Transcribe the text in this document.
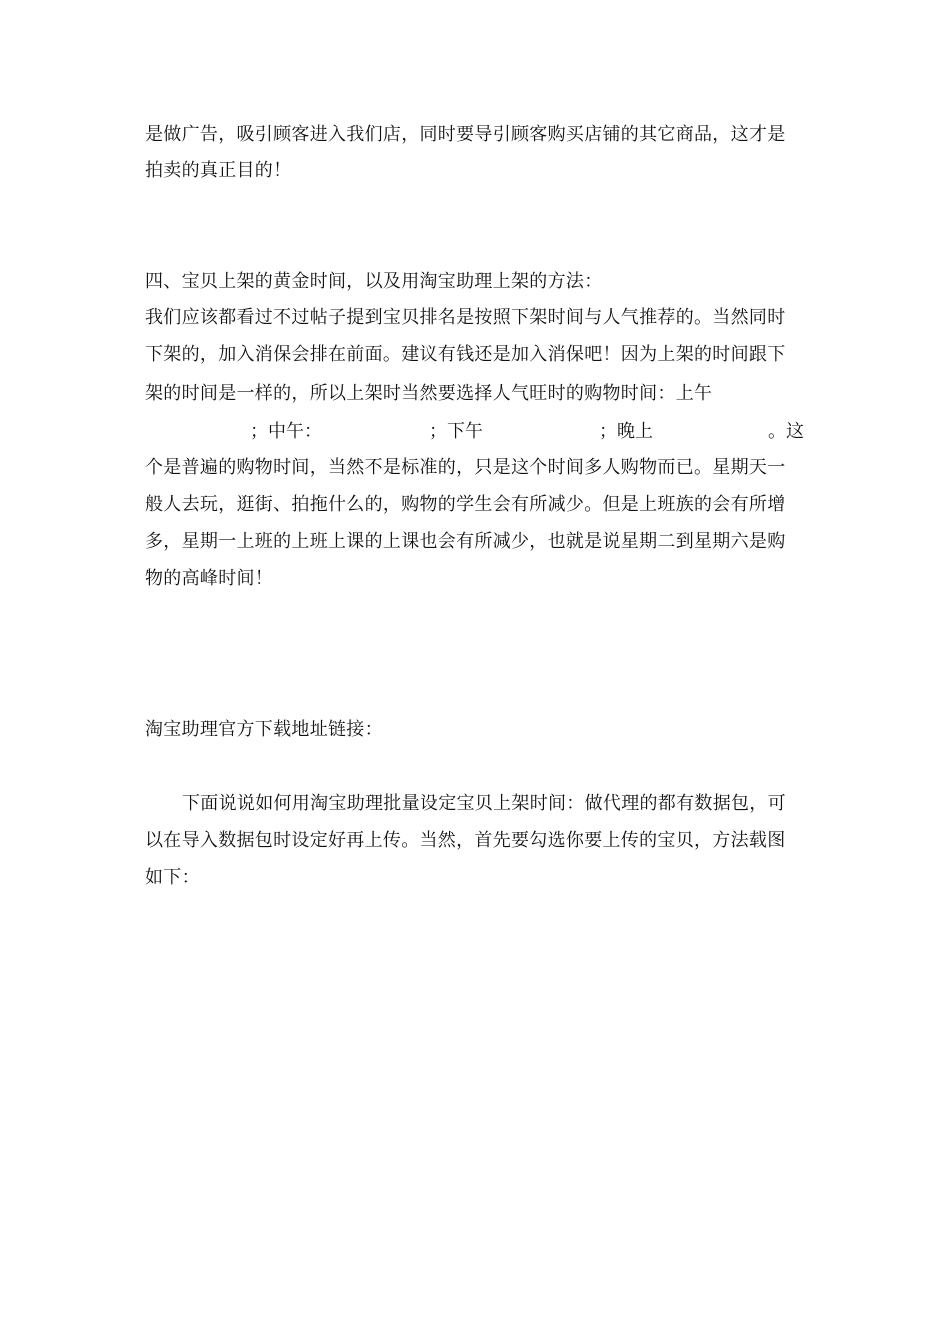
是做广告，吸引顾客进入我们店，同时要导引顾客购买店铺的其它商品，这才是
拍卖的真正目的！
四、宝贝上架的黄金时间，以及用淘宝助理上架的方法：
我们应该都看过不过帖子提到宝贝排名是按照下架时间与人气推荐的。当然同时
下架的，加入消保会排在前面。建议有钱还是加入消保吧！因为上架的时间跟下
架的时间是一样的，所以上架时当然要选择人气旺时的购物时间：上午
；中午：	；下午	；晚上	。这
个是普遍的购物时间，当然不是标准的，只是这个时间多人购物而已。星期天一
般人去玩，逛街、拍拖什么的，购物的学生会有所减少。但是上班族的会有所增
多，星期一上班的上班上课的上课也会有所减少，也就是说星期二到星期六是购
物的高峰时间！
淘宝助理官方下载地址链接：
下面说说如何用淘宝助理批量设定宝贝上架时间：做代理的都有数据包，可
以在导入数据包时设定好再上传。当然，首先要勾选你要上传的宝贝，方法载图
如下：
